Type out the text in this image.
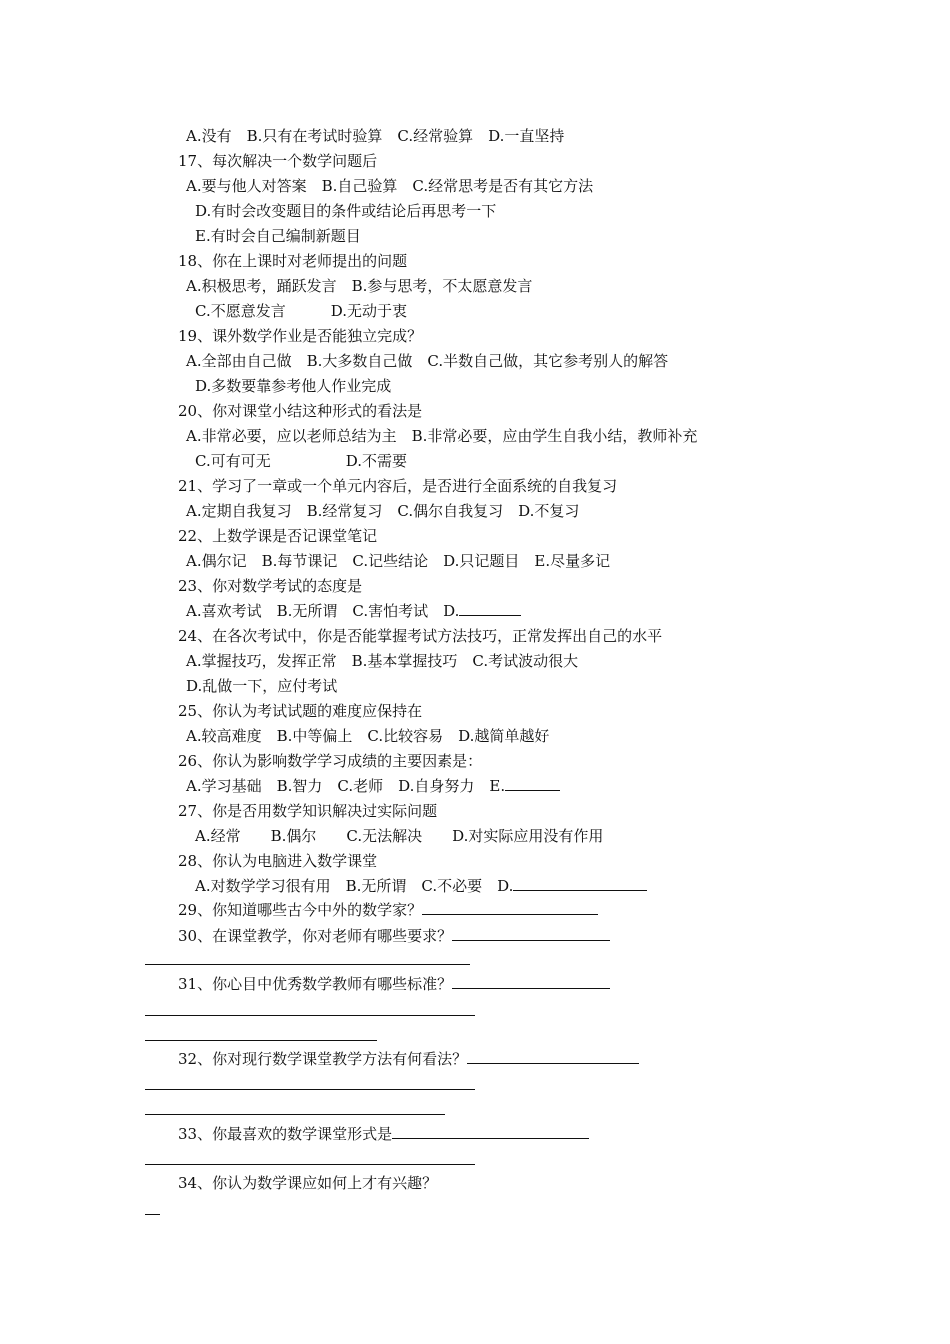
A.没有　B.只有在考试时验算　C.经常验算　D.一直坚持
17、每次解决一个数学问题后
A.要与他人对答案　B.自己验算　C.经常思考是否有其它方法
D.有时会改变题目的条件或结论后再思考一下
E.有时会自己编制新题目
18、你在上课时对老师提出的问题
A.积极思考，踊跃发言　B.参与思考，不太愿意发言
C.不愿意发言　　　D.无动于衷
19、课外数学作业是否能独立完成？
A.全部由自己做　B.大多数自己做　C.半数自己做，其它参考别人的解答
D.多数要靠参考他人作业完成
20、你对课堂小结这种形式的看法是
A.非常必要，应以老师总结为主　B.非常必要，应由学生自我小结，教师补充
C.可有可无　　　　　D.不需要
21、学习了一章或一个单元内容后，是否进行全面系统的自我复习
A.定期自我复习　B.经常复习　C.偶尔自我复习　D.不复习
22、上数学课是否记课堂笔记
A.偶尔记　B.每节课记　C.记些结论　D.只记题目　E.尽量多记
23、你对数学考试的态度是
A.喜欢考试　B.无所谓　C.害怕考试　D.
24、在各次考试中，你是否能掌握考试方法技巧，正常发挥出自己的水平
A.掌握技巧，发挥正常　B.基本掌握技巧　C.考试波动很大
D.乱做一下，应付考试
25、你认为考试试题的难度应保持在
A.较高难度　B.中等偏上　C.比较容易　D.越简单越好
26、你认为影响数学学习成绩的主要因素是：
A.学习基础　B.智力　C.老师　D.自身努力　E.
27、你是否用数学知识解决过实际问题
A.经常　　B.偶尔　　C.无法解决　　D.对实际应用没有作用
28、你认为电脑进入数学课堂
A.对数学学习很有用　B.无所谓　C.不必要　D.
29、你知道哪些古今中外的数学家？
30、在课堂教学，你对老师有哪些要求？
31、你心目中优秀数学教师有哪些标准？
32、你对现行数学课堂教学方法有何看法？
33、你最喜欢的数学课堂形式是
34、你认为数学课应如何上才有兴趣？
